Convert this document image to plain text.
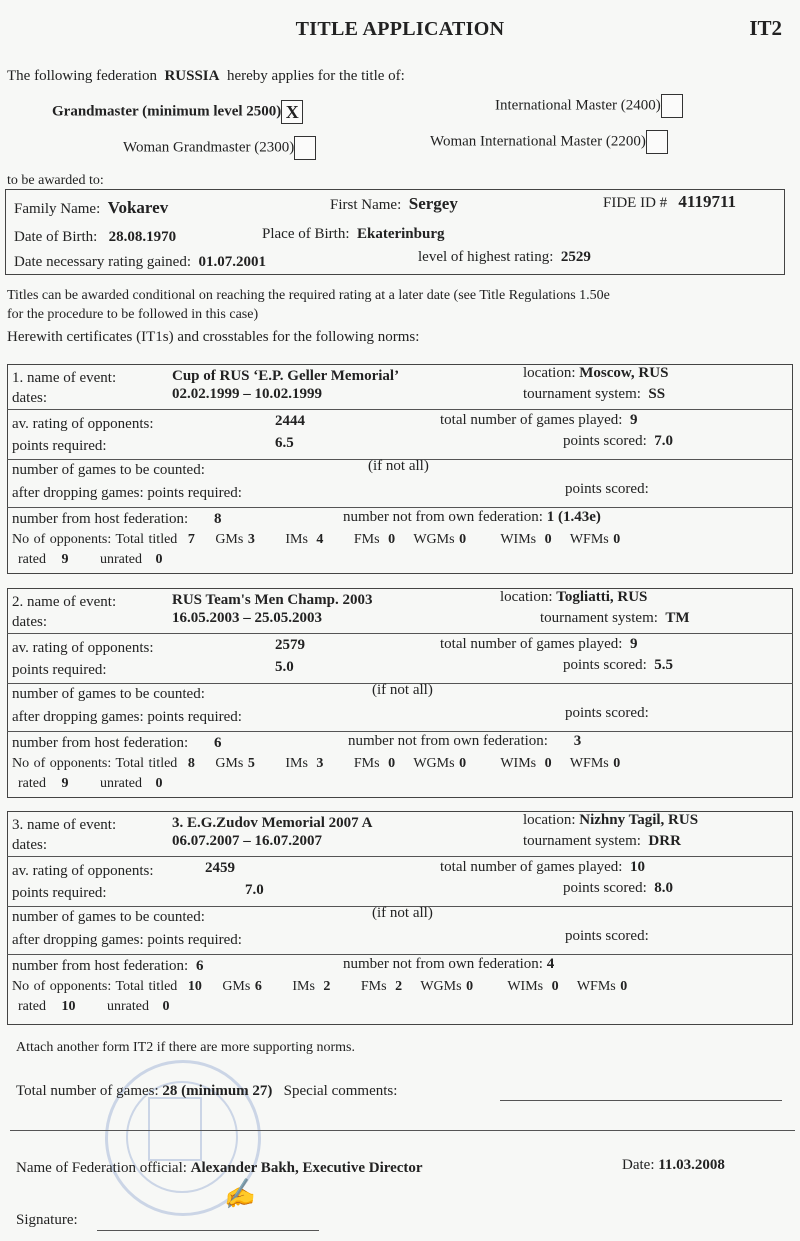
TITLE APPLICATION	IT2
The following federation RUSSIA hereby applies for the title of:
Grandmaster (minimum level 2500) X	International Master (2400)
Woman Grandmaster (2300)	Woman International Master (2200)
to be awarded to:
Family Name: Vokarev	First Name: Sergey	FIDE ID # 4119711
Date of Birth: 28.08.1970	Place of Birth: Ekaterinburg
Date necessary rating gained: 01.07.2001	level of highest rating: 2529
Titles can be awarded conditional on reaching the required rating at a later date (see Title Regulations 1.50e
for the procedure to be followed in this case)
Herewith certificates (IT1s) and crosstables for the following norms:
1. name of event:	Cup of RUS ‘E.P. Geller Memorial’	location: Moscow, RUS
dates:	02.02.1999 – 10.02.1999	tournament system: SS
av. rating of opponents:	2444	total number of games played: 9
points required:	6.5	points scored: 7.0
number of games to be counted:	(if not all)
after dropping games: points required:	points scored:
number from host federation: 8	number not from own federation: 1 (1.43e)
No of opponents: Total titled 7 GMs 3 IMs 4 FMs 0 WGMs 0 WIMs 0 WFMs 0
rated 9 unrated 0
2. name of event:	RUS Team's Men Champ. 2003	location: Togliatti, RUS
dates:	16.05.2003 – 25.05.2003	tournament system: TM
av. rating of opponents:	2579	total number of games played: 9
points required:	5.0	points scored: 5.5
number of games to be counted:	(if not all)
after dropping games: points required:	points scored:
number from host federation: 6	number not from own federation: 3
No of opponents: Total titled 8 GMs 5 IMs 3 FMs 0 WGMs 0 WIMs 0 WFMs 0
rated 9 unrated 0
3. name of event:	3. E.G.Zudov Memorial 2007 A	location: Nizhny Tagil, RUS
dates:	06.07.2007 – 16.07.2007	tournament system: DRR
av. rating of opponents:	2459	total number of games played: 10
points required:	7.0	points scored: 8.0
number of games to be counted:	(if not all)
after dropping games: points required:	points scored:
number from host federation: 6	number not from own federation: 4
No of opponents: Total titled 10 GMs 6 IMs 2 FMs 2 WGMs 0 WIMs 0 WFMs 0
rated 10 unrated 0
Attach another form IT2 if there are more supporting norms.
Total number of games: 28 (minimum 27) Special comments:
Name of Federation official: Alexander Bakh, Executive Director	Date: 11.03.2008
Signature:
✍
